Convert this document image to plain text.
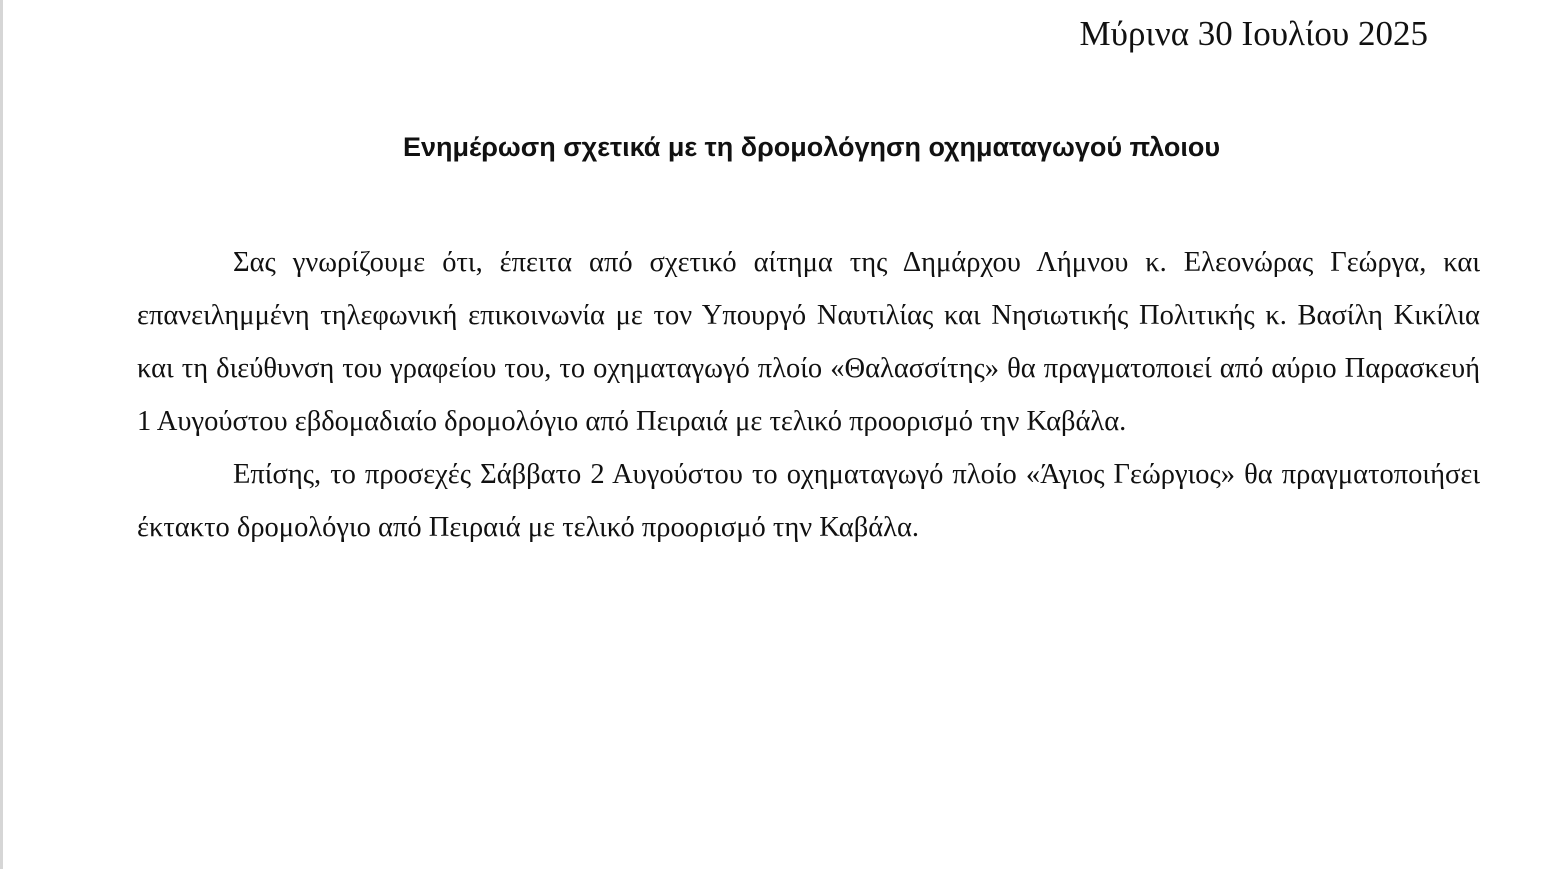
Μύρινα 30 Ιουλίου 2025
Ενημέρωση σχετικά με τη δρομολόγηση οχηματαγωγού πλοιου

Σας γνωρίζουμε ότι, έπειτα από σχετικό αίτημα της Δημάρχου Λήμνου κ. Ελεονώρας Γεώργα, και επανειλημμένη τηλεφωνική επικοινωνία με τον Υπουργό Ναυτιλίας και Νησιωτικής Πολιτικής κ. Βασίλη Κικίλια και τη διεύθυνση του γραφείου του, το οχηματαγωγό πλοίο «Θαλασσίτης» θα πραγματοποιεί από αύριο Παρασκευή 1 Αυγούστου εβδομαδιαίο δρομολόγιο από Πειραιά με τελικό προορισμό την Καβάλα.

Επίσης, το προσεχές Σάββατο 2 Αυγούστου το οχηματαγωγό πλοίο «Άγιος Γεώργιος» θα πραγματοποιήσει έκτακτο δρομολόγιο από Πειραιά με τελικό προορισμό την Καβάλα.
